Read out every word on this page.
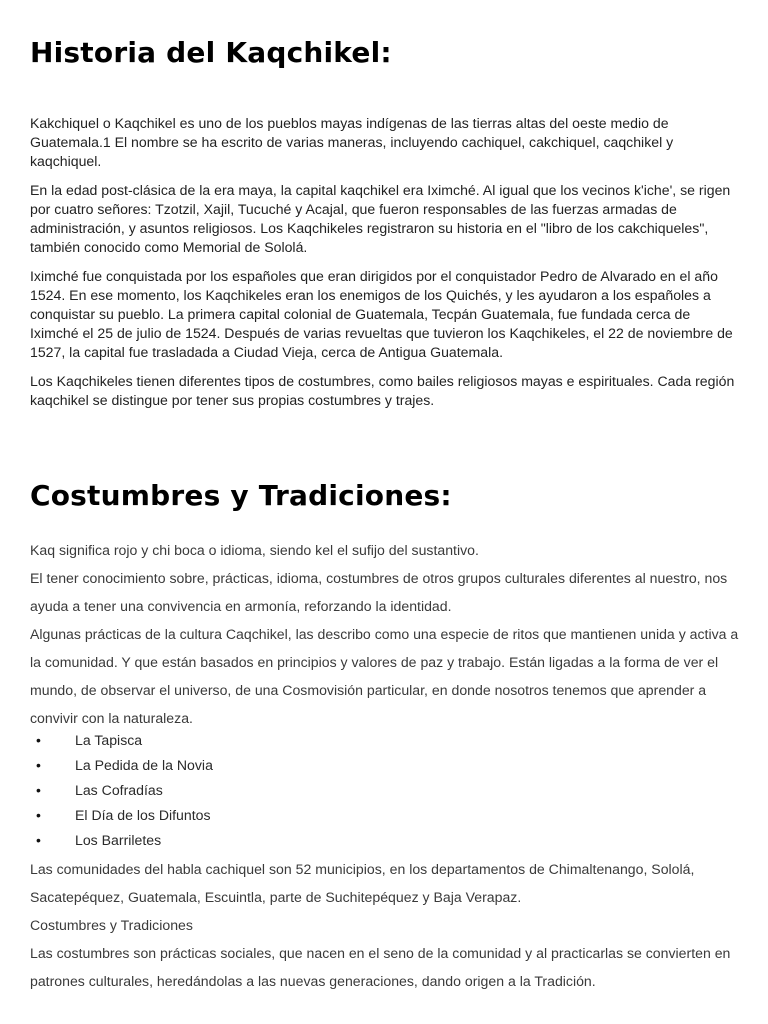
Historia del Kaqchikel:

Kakchiquel o Kaqchikel es uno de los pueblos mayas indígenas de las tierras altas del oeste medio de Guatemala.1 El nombre se ha escrito de varias maneras, incluyendo cachiquel, cakchiquel, caqchikel y kaqchiquel.

En la edad post-clásica de la era maya, la capital kaqchikel era Iximché. Al igual que los vecinos k'iche', se rigen por cuatro señores: Tzotzil, Xajil, Tucuché y Acajal, que fueron responsables de las fuerzas armadas de administración, y asuntos religiosos. Los Kaqchikeles registraron su historia en el "libro de los cakchiqueles", también conocido como Memorial de Sololá.

Iximché fue conquistada por los españoles que eran dirigidos por el conquistador Pedro de Alvarado en el año 1524. En ese momento, los Kaqchikeles eran los enemigos de los Quichés, y les ayudaron a los españoles a conquistar su pueblo. La primera capital colonial de Guatemala, Tecpán Guatemala, fue fundada cerca de Iximché el 25 de julio de 1524. Después de varias revueltas que tuvieron los Kaqchikeles, el 22 de noviembre de 1527, la capital fue trasladada a Ciudad Vieja, cerca de Antigua Guatemala.

Los Kaqchikeles tienen diferentes tipos de costumbres, como bailes religiosos mayas e espirituales. Cada región kaqchikel se distingue por tener sus propias costumbres y trajes.

Costumbres y Tradiciones:

Kaq significa rojo y chi boca o idioma, siendo kel el sufijo del sustantivo.

El tener conocimiento sobre, prácticas, idioma, costumbres de otros grupos culturales diferentes al nuestro, nos ayuda a tener una convivencia en armonía, reforzando la identidad.

Algunas prácticas de la cultura Caqchikel, las describo como una especie de ritos que mantienen unida y activa a la comunidad. Y que están basados en principios y valores de paz y trabajo. Están ligadas a la forma de ver el mundo, de observar el universo, de una Cosmovisión particular, en donde nosotros tenemos que aprender a convivir con la naturaleza.

• La Tapisca
• La Pedida de la Novia
• Las Cofradías
• El Día de los Difuntos
• Los Barriletes

Las comunidades del habla cachiquel son 52 municipios, en los departamentos de Chimaltenango, Sololá, Sacatepéquez, Guatemala, Escuintla, parte de Suchitepéquez y Baja Verapaz.

Costumbres y Tradiciones

Las costumbres son prácticas sociales, que nacen en el seno de la comunidad y al practicarlas se convierten en patrones culturales, heredándolas a las nuevas generaciones, dando origen a la Tradición.
